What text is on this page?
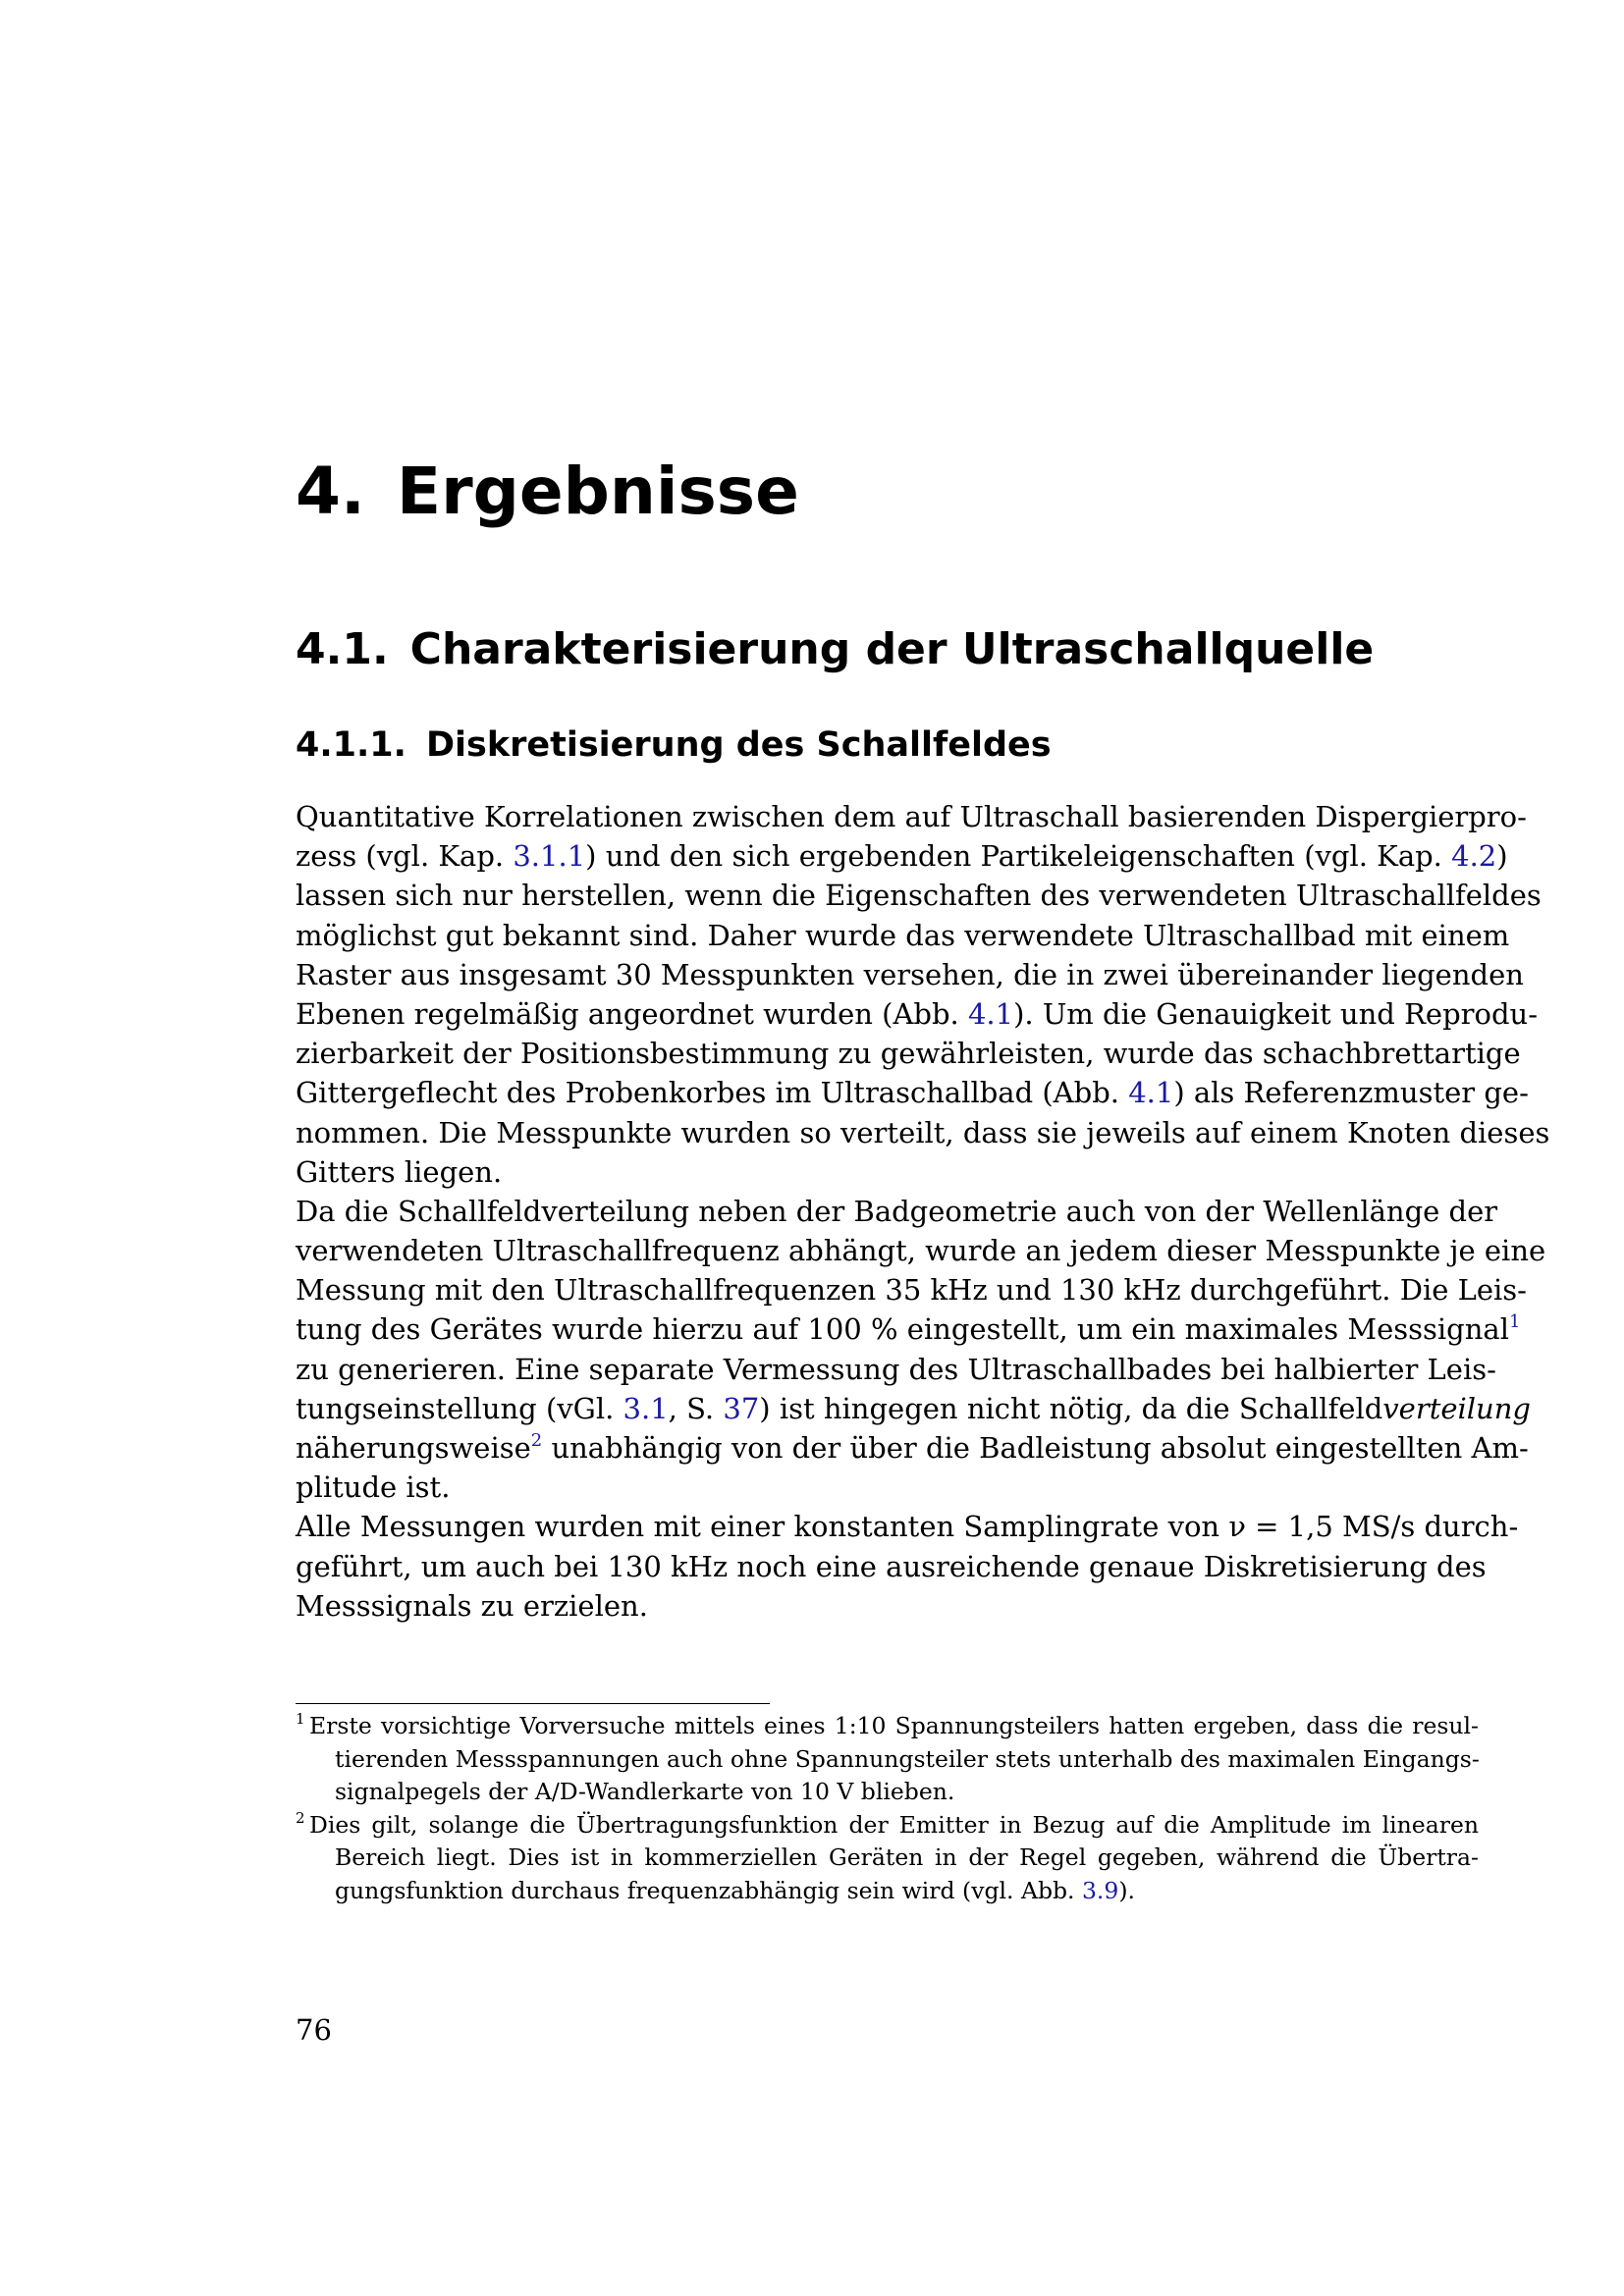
4. Ergebnisse
4.1. Charakterisierung der Ultraschallquelle
4.1.1. Diskretisierung des Schallfeldes
Quantitative Korrelationen zwischen dem auf Ultraschall basierenden Dispergierpro-
zess (vgl. Kap. 3.1.1) und den sich ergebenden Partikeleigenschaften (vgl. Kap. 4.2)
lassen sich nur herstellen, wenn die Eigenschaften des verwendeten Ultraschallfeldes
möglichst gut bekannt sind. Daher wurde das verwendete Ultraschallbad mit einem
Raster aus insgesamt 30 Messpunkten versehen, die in zwei übereinander liegenden
Ebenen regelmäßig angeordnet wurden (Abb. 4.1). Um die Genauigkeit und Reprodu-
zierbarkeit der Positionsbestimmung zu gewährleisten, wurde das schachbrettartige
Gittergeflecht des Probenkorbes im Ultraschallbad (Abb. 4.1) als Referenzmuster ge-
nommen. Die Messpunkte wurden so verteilt, dass sie jeweils auf einem Knoten dieses
Gitters liegen.
Da die Schallfeldverteilung neben der Badgeometrie auch von der Wellenlänge der
verwendeten Ultraschallfrequenz abhängt, wurde an jedem dieser Messpunkte je eine
Messung mit den Ultraschallfrequenzen 35 kHz und 130 kHz durchgeführt. Die Leis-
tung des Gerätes wurde hierzu auf 100 % eingestellt, um ein maximales Messsignal$^1$
zu generieren. Eine separate Vermessung des Ultraschallbades bei halbierter Leis-
tungseinstellung (vGl. 3.1, S. 37) ist hingegen nicht nötig, da die Schallfeldverteilung
näherungsweise$^2$ unabhängig von der über die Badleistung absolut eingestellten Am-
plitude ist.
Alle Messungen wurden mit einer konstanten Samplingrate von ν = 1,5 MS/s durch-
geführt, um auch bei 130 kHz noch eine ausreichende genaue Diskretisierung des
Messsignals zu erzielen.
$^1$ Erste vorsichtige Vorversuche mittels eines 1:10 Spannungsteilers hatten ergeben, dass die resul-
tierenden Messspannungen auch ohne Spannungsteiler stets unterhalb des maximalen Eingangs-
signalpegels der A/D-Wandlerkarte von 10 V blieben.
$^2$ Dies gilt, solange die Übertragungsfunktion der Emitter in Bezug auf die Amplitude im linearen
Bereich liegt. Dies ist in kommerziellen Geräten in der Regel gegeben, während die Übertra-
gungsfunktion durchaus frequenzabhängig sein wird (vgl. Abb. 3.9).

76
